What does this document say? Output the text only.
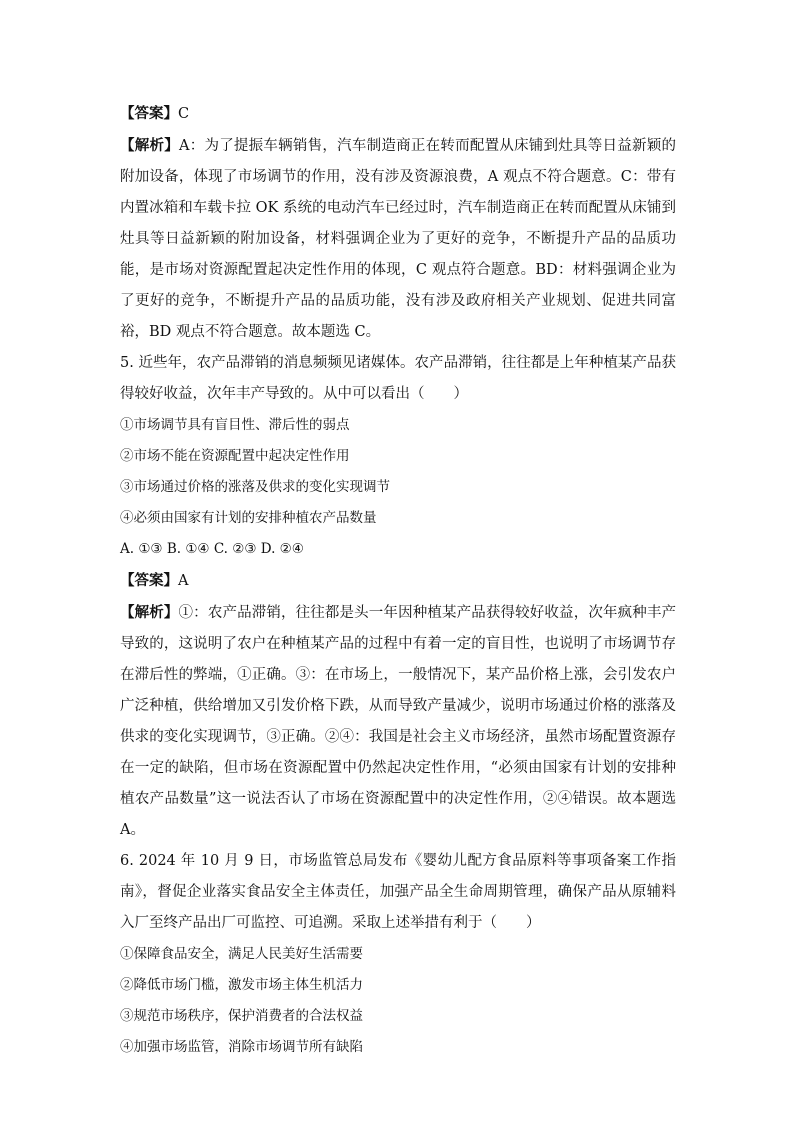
【答案】C

【解析】A：为了提振车辆销售，汽车制造商正在转而配置从床铺到灶具等日益新颖的附加设备，体现了市场调节的作用，没有涉及资源浪费，A 观点不符合题意。C：带有内置冰箱和车载卡拉 OK 系统的电动汽车已经过时，汽车制造商正在转而配置从床铺到灶具等日益新颖的附加设备，材料强调企业为了更好的竞争，不断提升产品的品质功能，是市场对资源配置起决定性作用的体现，C 观点符合题意。BD：材料强调企业为了更好的竞争，不断提升产品的品质功能，没有涉及政府相关产业规划、促进共同富裕，BD 观点不符合题意。故本题选 C。

5. 近些年，农产品滞销的消息频频见诸媒体。农产品滞销，往往都是上年种植某产品获得较好收益，次年丰产导致的。从中可以看出（　　）

①市场调节具有盲目性、滞后性的弱点

②市场不能在资源配置中起决定性作用

③市场通过价格的涨落及供求的变化实现调节

④必须由国家有计划的安排种植农产品数量

A. ①③ B. ①④ C. ②③ D. ②④

【答案】A

【解析】①：农产品滞销，往往都是头一年因种植某产品获得较好收益，次年疯种丰产导致的，这说明了农户在种植某产品的过程中有着一定的盲目性，也说明了市场调节存在滞后性的弊端，①正确。③：在市场上，一般情况下，某产品价格上涨，会引发农户广泛种植，供给增加又引发价格下跌，从而导致产量减少，说明市场通过价格的涨落及供求的变化实现调节，③正确。②④：我国是社会主义市场经济，虽然市场配置资源存在一定的缺陷，但市场在资源配置中仍然起决定性作用，“必须由国家有计划的安排种植农产品数量”这一说法否认了市场在资源配置中的决定性作用，②④错误。故本题选 A。

6. 2024 年 10 月 9 日，市场监管总局发布《婴幼儿配方食品原料等事项备案工作指南》，督促企业落实食品安全主体责任，加强产品全生命周期管理，确保产品从原辅料入厂至终产品出厂可监控、可追溯。采取上述举措有利于（　　）

①保障食品安全，满足人民美好生活需要

②降低市场门槛，激发市场主体生机活力

③规范市场秩序，保护消费者的合法权益

④加强市场监管，消除市场调节所有缺陷
